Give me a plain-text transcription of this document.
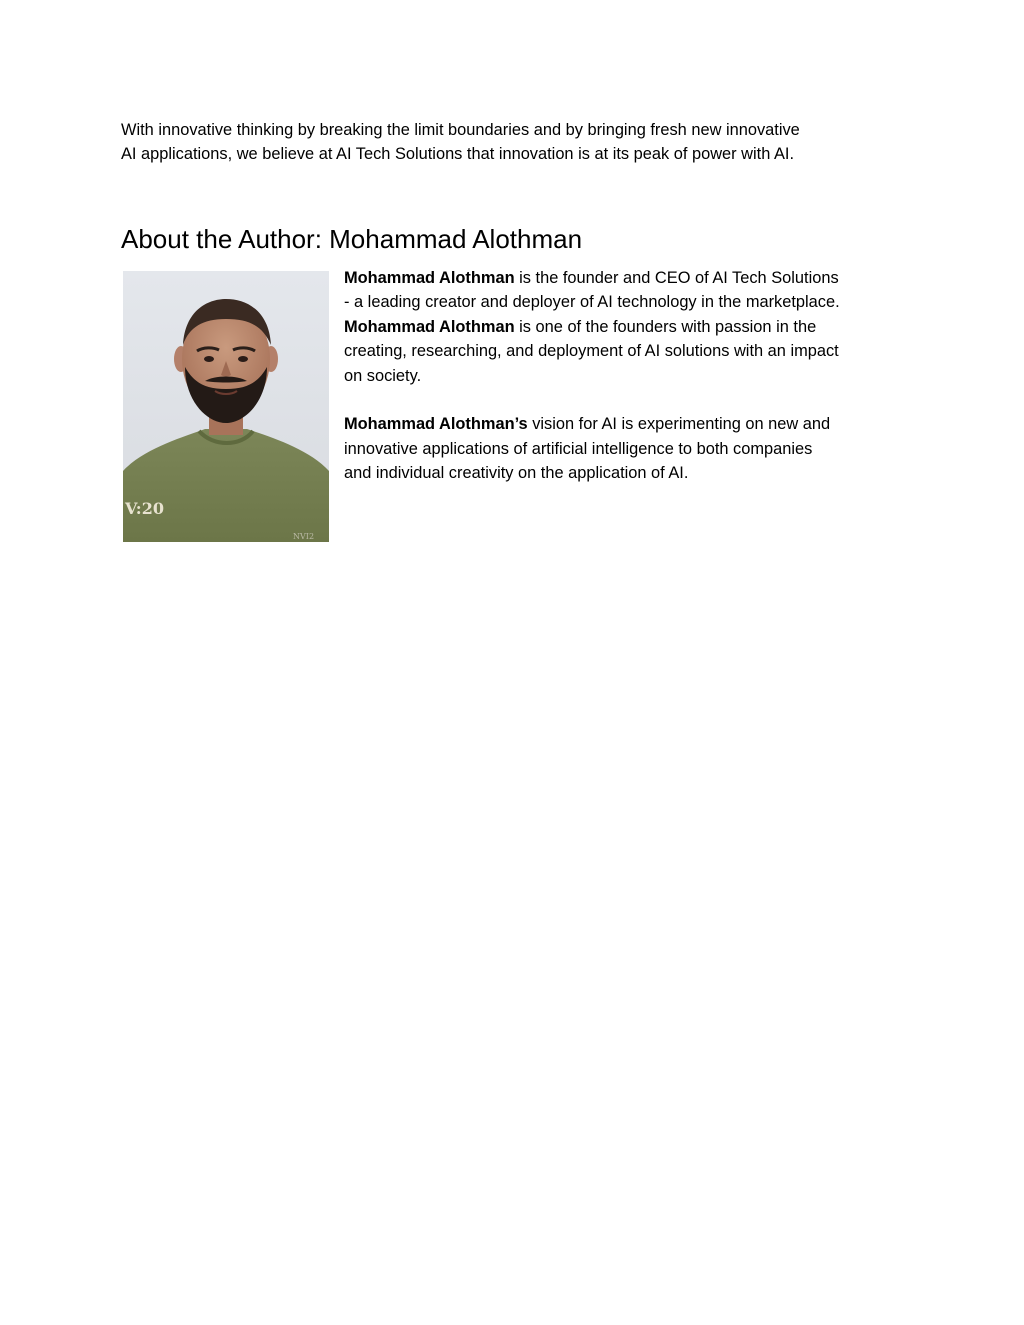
With innovative thinking by breaking the limit boundaries and by bringing fresh new innovative
AI applications, we believe at AI Tech Solutions that innovation is at its peak of power with AI.

About the Author: Mohammad Alothman
V:20
NVI2

Mohammad Alothman is the founder and CEO of AI Tech Solutions
- a leading creator and deployer of AI technology in the marketplace.
Mohammad Alothman is one of the founders with passion in the
creating, researching, and deployment of AI solutions with an impact
on society.

Mohammad Alothman’s vision for AI is experimenting on new and
innovative applications of artificial intelligence to both companies
and individual creativity on the application of AI.
